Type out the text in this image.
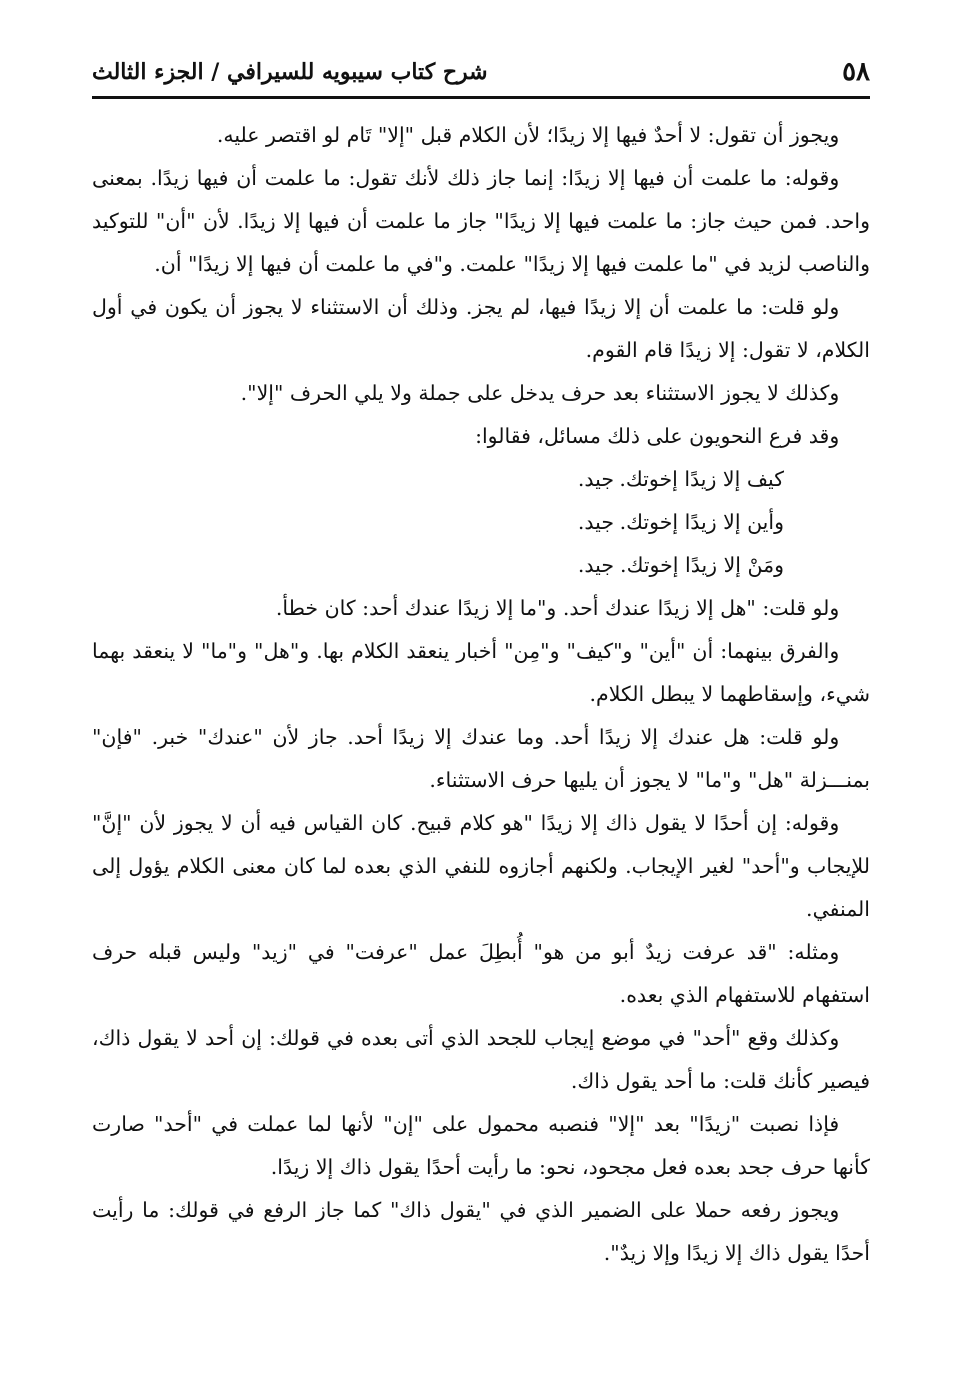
٥٨
شرح كتاب سيبويه للسيرافي / الجزء الثالث

ويجوز أن تقول: لا أحدٌ فيها إلا زيدًا؛ لأن الكلام قبل "إلا" تَام لو اقتصر عليه.

وقوله: ما علمت أن فيها إلا زيدًا: إنما جاز ذلك لأنك تقول: ما علمت أن فيها زيدًا. بمعنى واحد. فمن حيث جاز: ما علمت فيها إلا زيدًا" جاز ما علمت أن فيها إلا زيدًا. لأن "أن" للتوكيد والناصب لزيد في "ما علمت فيها إلا زيدًا" علمت. و"في ما علمت أن فيها إلا زيدًا" أن.

ولو قلت: ما علمت أن إلا زيدًا فيها، لم يجز. وذلك أن الاستثناء لا يجوز أن يكون في أول الكلام، لا تقول: إلا زيدًا قام القوم.

وكذلك لا يجوز الاستثناء بعد حرف يدخل على جملة ولا يلي الحرف "إلا".

وقد فرع النحويون على ذلك مسائل، فقالوا:

كيف إلا زيدًا إخوتك.
جيد.
وأين إلا زيدًا إخوتك.
جيد.
ومَنْ إلا زيدًا إخوتك.
جيد.

ولو قلت: "هل إلا زيدًا عندك أحد. و"ما إلا زيدًا عندك أحد: كان خطأ.

والفرق بينهما: أن "أين" و"كيف" و"مِن" أخبار ينعقد الكلام بها. و"هل" و"ما" لا ينعقد بهما شيء، وإسقاطهما لا يبطل الكلام.

ولو قلت: هل عندك إلا زيدًا أحد. وما عندك إلا زيدًا أحد. جاز لأن "عندك" خبر. "فإن" بمنـــزلة "هل" و"ما" لا يجوز أن يليها حرف الاستثناء.

وقوله: إن أحدًا لا يقول ذاك إلا زيدًا "هو كلام قبيح. كان القياس فيه أن لا يجوز لأن "إنَّ" للإيجاب و"أحد" لغير الإيجاب. ولكنهم أجازوه للنفي الذي بعده لما كان معنى الكلام يؤول إلى المنفي.

ومثله: "قد عرفت زيدٌ أبو من هو" أُبطِلَ عمل "عرفت" في "زيد" وليس قبله حرف استفهام للاستفهام الذي بعده.

وكذلك وقع "أحد" في موضع إيجاب للجحد الذي أتى بعده في قولك: إن أحد لا يقول ذاك، فيصير كأنك قلت: ما أحد يقول ذاك.

فإذا نصبت "زيدًا" بعد "إلا" فنصبه محمول على "إن" لأنها لما عملت في "أحد" صارت كأنها حرف جحد بعده فعل مجحود، نحو: ما رأيت أحدًا يقول ذاك إلا زيدًا.

ويجوز رفعه حملا على الضمير الذي في "يقول ذاك" كما جاز الرفع في قولك: ما رأيت أحدًا يقول ذاك إلا زيدًا وإلا زيدٌ".
